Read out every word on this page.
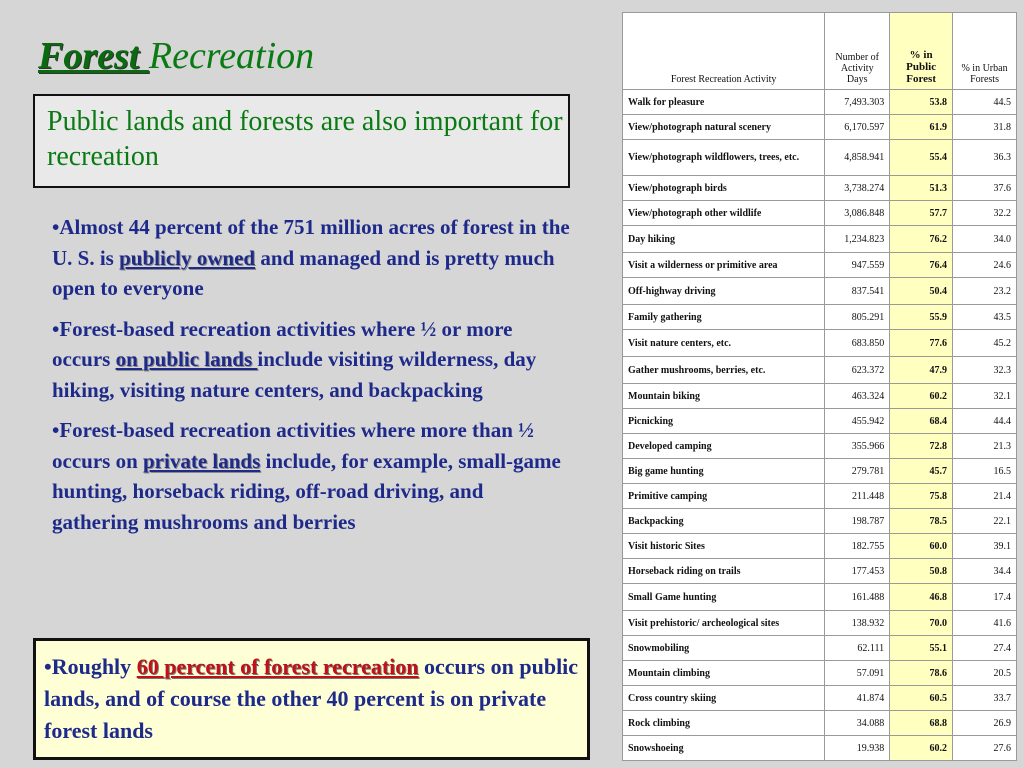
Forest Recreation
Public lands and forests are also important for recreation

•Almost 44 percent of the 751 million acres of forest in the U. S. is publicly owned and managed and is pretty much open to everyone

•Forest-based recreation activities where ½ or more occurs on public lands include visiting wilderness, day hiking, visiting nature centers, and backpacking

•Forest-based recreation activities where more than ½ occurs on private lands include, for example, small-game hunting, horseback riding, off-road driving, and gathering mushrooms and berries

•Roughly 60 percent of forest recreation occurs on public lands, and of course the other 40 percent is on private forest lands
Forest Recreation Activity	Number of Activity Days	% in Public Forest	% in Urban Forests
Walk for pleasure	7,493.303	53.8	44.5
View/photograph natural scenery	6,170.597	61.9	31.8
View/photograph wildflowers, trees, etc.	4,858.941	55.4	36.3
View/photograph birds	3,738.274	51.3	37.6
View/photograph other wildlife	3,086.848	57.7	32.2
Day hiking	1,234.823	76.2	34.0
Visit a wilderness or primitive area	947.559	76.4	24.6
Off-highway driving	837.541	50.4	23.2
Family gathering	805.291	55.9	43.5
Visit nature centers, etc.	683.850	77.6	45.2
Gather mushrooms, berries, etc.	623.372	47.9	32.3
Mountain biking	463.324	60.2	32.1
Picnicking	455.942	68.4	44.4
Developed camping	355.966	72.8	21.3
Big game hunting	279.781	45.7	16.5
Primitive camping	211.448	75.8	21.4
Backpacking	198.787	78.5	22.1
Visit historic Sites	182.755	60.0	39.1
Horseback riding on trails	177.453	50.8	34.4
Small Game hunting	161.488	46.8	17.4
Visit prehistoric/ archeological sites	138.932	70.0	41.6
Snowmobiling	62.111	55.1	27.4
Mountain climbing	57.091	78.6	20.5
Cross country skiing	41.874	60.5	33.7
Rock climbing	34.088	68.8	26.9
Snowshoeing	19.938	60.2	27.6
